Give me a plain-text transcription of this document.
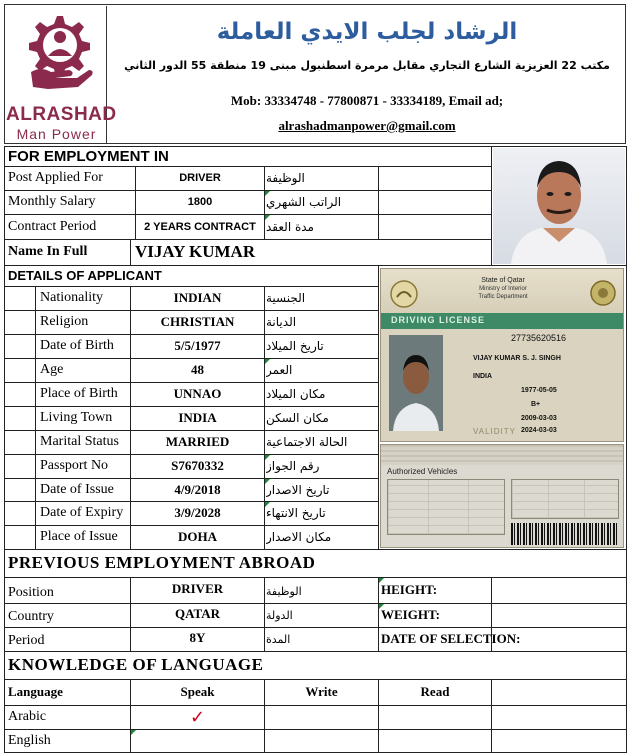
ALRASHAD
Man Power
الرشاد لجلب الايدي العاملة
مكتب 22 العزيزية الشارع التجاري مقابل مرمرة اسطنبول مبنى 19 منطقة 55 الدور الثاني
Mob: 33334748 - 77800871 - 33334189, Email ad;
alrashadmanpower@gmail.com
FOR EMPLOYMENT IN
Post Applied For	DRIVER	الوظيفة
Monthly Salary	1800	الراتب الشهري
Contract Period	2 YEARS CONTRACT مدة العقد
Name In Full	VIJAY KUMAR
DETAILS OF APPLICANT
Nationality	INDIAN	الجنسية
Religion	CHRISTIAN	الديانة
Date of Birth	5/5/1977	تاريخ الميلاد
Age	48	العمر
Place of Birth	UNNAO	مكان الميلاد
Living Town	INDIA	مكان السكن
Marital Status	MARRIED	الحالة الاجتماعية
Passport No	S7670332	رقم الجواز
Date of Issue	4/9/2018	تاريخ الاصدار
Date of Expiry	3/9/2028	تاريخ الانتهاء
Place of Issue	DOHA	مكان الاصدار
State of Qatar
Ministry of Interior
Traffic Department
DRIVING LICENSE
27735620516
VIJAY KUMAR S. J. SINGH
INDIA
1977-05-05
B+
2009-03-03
VALIDITY 2024-03-03
Authorized Vehicles
PREVIOUS EMPLOYMENT ABROAD
Position	DRIVER	الوظيفة	HEIGHT:
Country	QATAR	الدولة	WEIGHT:
Period	8Y	المدة	DATE OF SELECTION:
KNOWLEDGE OF LANGUAGE
Language	Speak	Write	Read
Arabic	✓
English
